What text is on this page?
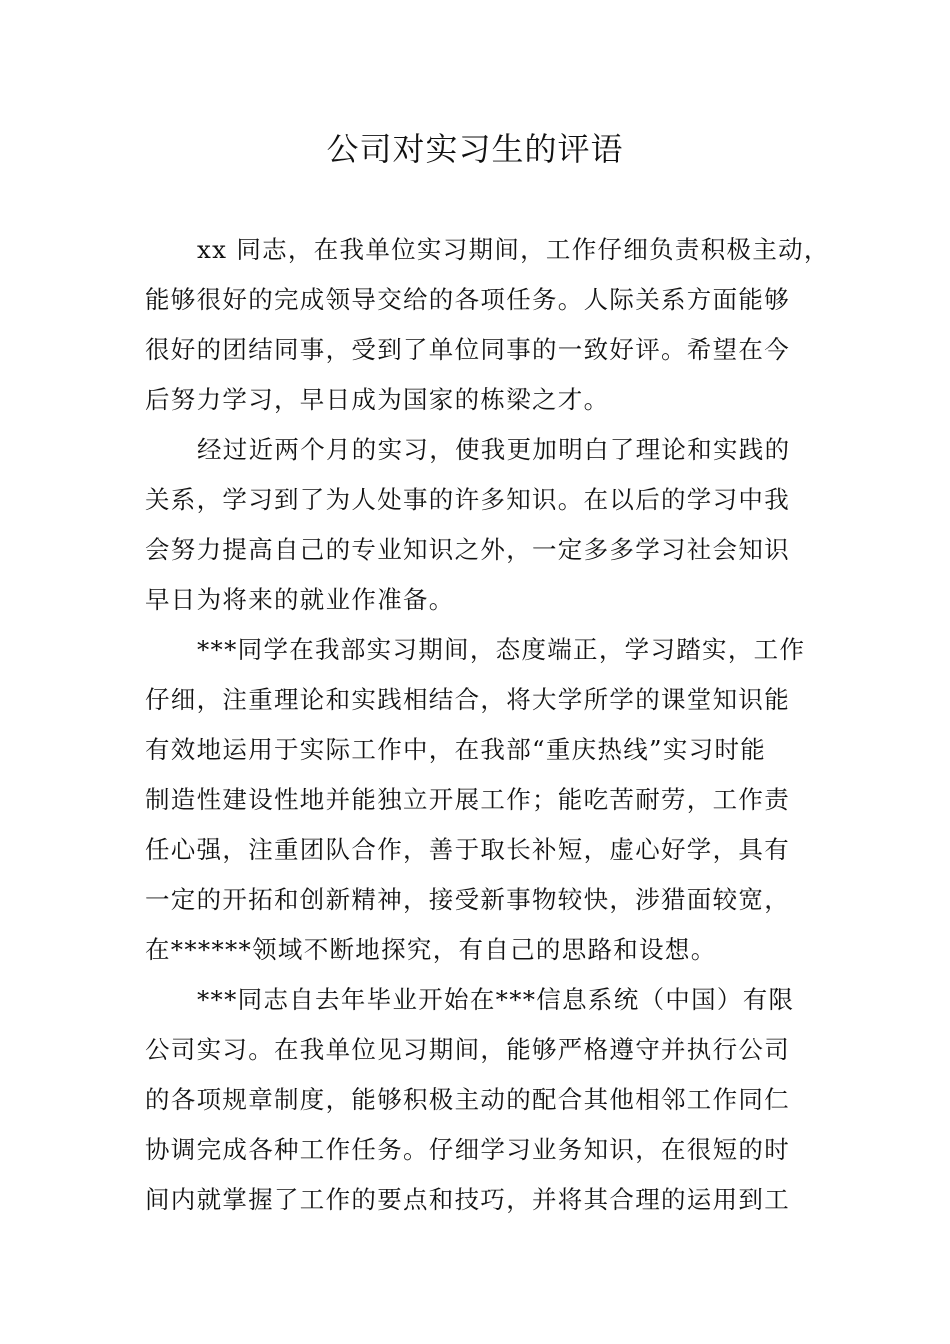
公司对实习生的评语
xx 同志，在我单位实习期间，工作仔细负责积极主动，
能够很好的完成领导交给的各项任务。人际关系方面能够
很好的团结同事，受到了单位同事的一致好评。希望在今
后努力学习，早日成为国家的栋梁之才。
经过近两个月的实习，使我更加明白了理论和实践的
关系，学习到了为人处事的许多知识。在以后的学习中我
会努力提高自己的专业知识之外，一定多多学习社会知识
早日为将来的就业作准备。
***同学在我部实习期间，态度端正，学习踏实，工作
仔细，注重理论和实践相结合，将大学所学的课堂知识能
有效地运用于实际工作中，在我部“重庆热线”实习时能
制造性建设性地并能独立开展工作；能吃苦耐劳，工作责
任心强，注重团队合作，善于取长补短，虚心好学，具有
一定的开拓和创新精神，接受新事物较快，涉猎面较宽，
在******领域不断地探究，有自己的思路和设想。
***同志自去年毕业开始在***信息系统（中国）有限
公司实习。在我单位见习期间，能够严格遵守并执行公司
的各项规章制度，能够积极主动的配合其他相邻工作同仁
协调完成各种工作任务。仔细学习业务知识，在很短的时
间内就掌握了工作的要点和技巧，并将其合理的运用到工
